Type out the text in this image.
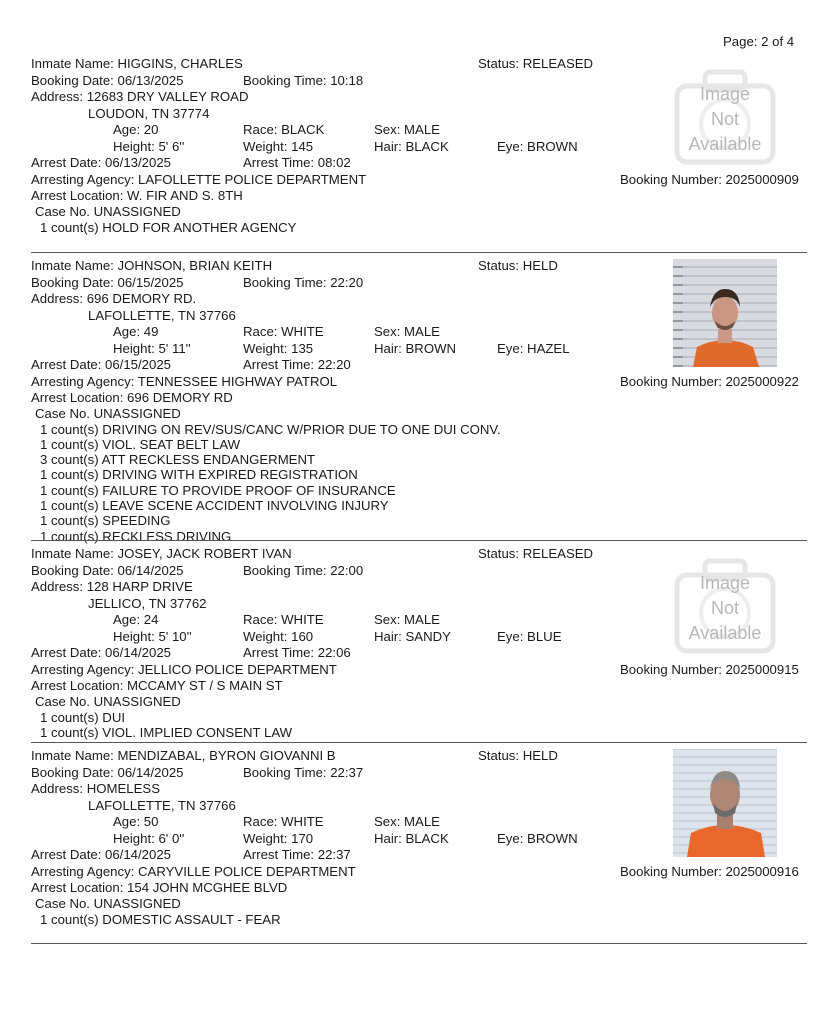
Page: 2 of 4
Inmate Name: HIGGINS, CHARLES	Status: RELEASED
Booking Date: 06/13/2025	Booking Time: 10:18
Address: 12683 DRY VALLEY ROAD
LOUDON, TN 37774
Age: 20	Race: BLACK	Sex: MALE
Height: 5' 6''	Weight: 145	Hair: BLACK	Eye: BROWN
Arrest Date: 06/13/2025	Arrest Time: 08:02
Arresting Agency: LAFOLLETTE POLICE DEPARTMENT	Booking Number: 2025000909
Arrest Location: W. FIR AND S. 8TH
Case No. UNASSIGNED
1 count(s) HOLD FOR ANOTHER AGENCY
Image
Not
Available
Inmate Name: JOHNSON, BRIAN KEITH	Status: HELD
Booking Date: 06/15/2025	Booking Time: 22:20
Address: 696 DEMORY RD.
LAFOLLETTE, TN 37766
Age: 49	Race: WHITE	Sex: MALE
Height: 5' 11''	Weight: 135	Hair: BROWN	Eye: HAZEL
Arrest Date: 06/15/2025	Arrest Time: 22:20
Arresting Agency: TENNESSEE HIGHWAY PATROL	Booking Number: 2025000922
Arrest Location: 696 DEMORY RD
Case No. UNASSIGNED
1 count(s) DRIVING ON REV/SUS/CANC W/PRIOR DUE TO ONE DUI CONV.
1 count(s) VIOL. SEAT BELT LAW
3 count(s) ATT RECKLESS ENDANGERMENT
1 count(s) DRIVING WITH EXPIRED REGISTRATION
1 count(s) FAILURE TO PROVIDE PROOF OF INSURANCE
1 count(s) LEAVE SCENE ACCIDENT INVOLVING INJURY
1 count(s) SPEEDING
1 count(s) RECKLESS DRIVING
Inmate Name: JOSEY, JACK ROBERT IVAN	Status: RELEASED
Booking Date: 06/14/2025	Booking Time: 22:00
Address: 128 HARP DRIVE
JELLICO, TN 37762
Age: 24	Race: WHITE	Sex: MALE
Height: 5' 10''	Weight: 160	Hair: SANDY	Eye: BLUE
Arrest Date: 06/14/2025	Arrest Time: 22:06
Arresting Agency: JELLICO POLICE DEPARTMENT	Booking Number: 2025000915
Arrest Location: MCCAMY ST / S MAIN ST
Case No. UNASSIGNED
1 count(s) DUI
1 count(s) VIOL. IMPLIED CONSENT LAW
Image
Not
Available
Inmate Name: MENDIZABAL, BYRON GIOVANNI B	Status: HELD
Booking Date: 06/14/2025	Booking Time: 22:37
Address: HOMELESS
LAFOLLETTE, TN 37766
Age: 50	Race: WHITE	Sex: MALE
Height: 6' 0''	Weight: 170	Hair: BLACK	Eye: BROWN
Arrest Date: 06/14/2025	Arrest Time: 22:37
Arresting Agency: CARYVILLE POLICE DEPARTMENT	Booking Number: 2025000916
Arrest Location: 154 JOHN MCGHEE BLVD
Case No. UNASSIGNED
1 count(s) DOMESTIC ASSAULT - FEAR
